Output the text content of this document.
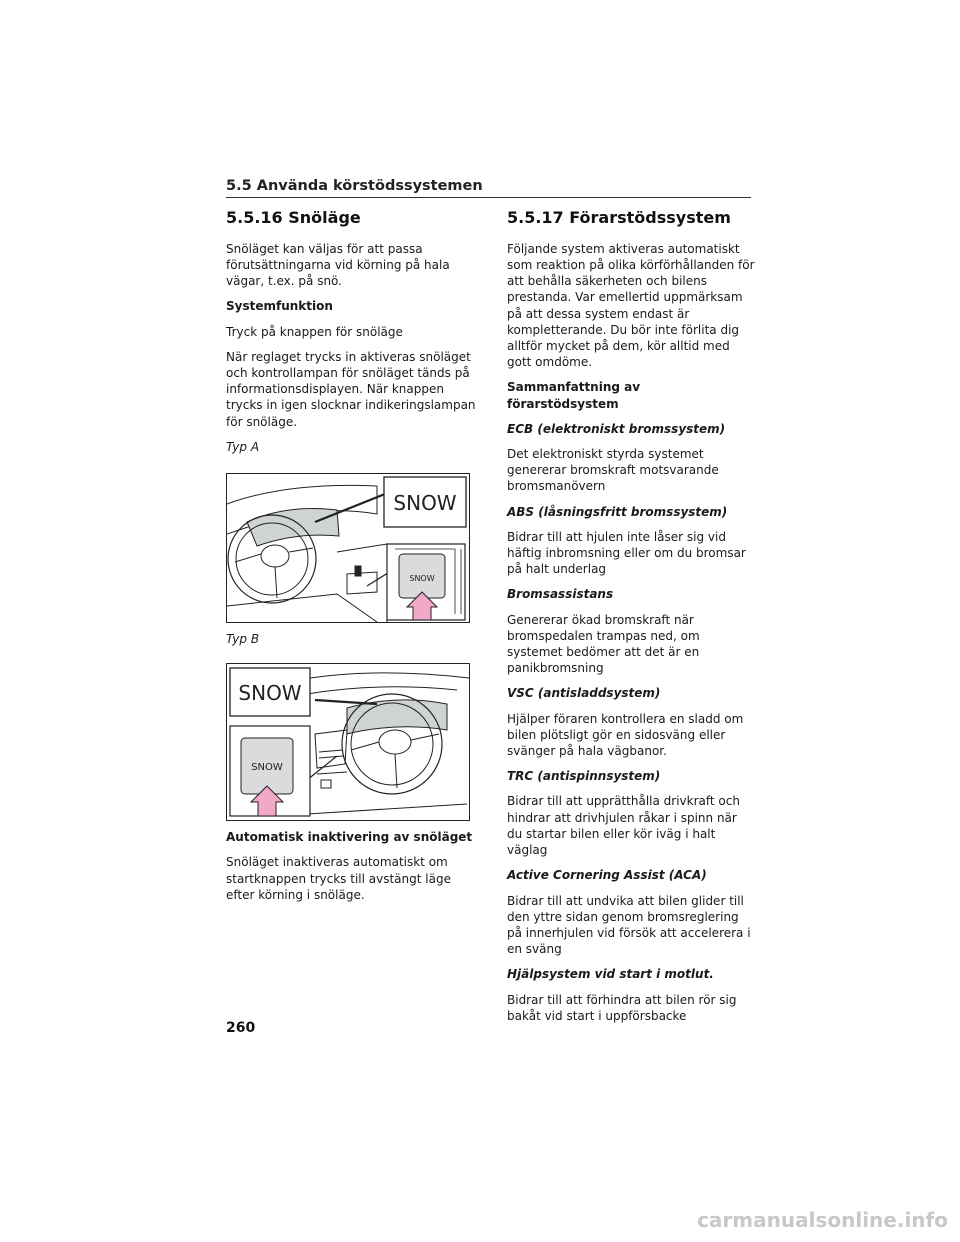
5.5 Använda körstödssystemen
5.5.16 Snöläge

Snöläget kan väljas för att passa förutsättningarna vid körning på hala vägar, t.ex. på snö.

Systemfunktion

Tryck på knappen för snöläge

När reglaget trycks in aktiveras snöläget och kontrollampan för snöläget tänds på informationsdisplayen. När knappen trycks in igen slocknar indikeringslampan för snöläge.

Typ A

SNOW
SNOW

Typ B

SNOW
SNOW

Automatisk inaktivering av snöläget

Snöläget inaktiveras automatiskt om startknappen trycks till avstängt läge efter körning i snöläge.

5.5.17 Förarstödssystem

Följande system aktiveras automatiskt som reaktion på olika körförhållanden för att behålla säkerheten och bilens prestanda. Var emellertid uppmärksam på att dessa system endast är kompletterande. Du bör inte förlita dig alltför mycket på dem, kör alltid med gott omdöme.

Sammanfattning av förarstödsystem

ECB (elektroniskt bromssystem)

Det elektroniskt styrda systemet genererar bromskraft motsvarande bromsmanövern

ABS (låsningsfritt bromssystem)

Bidrar till att hjulen inte låser sig vid häftig inbromsning eller om du bromsar på halt underlag

Bromsassistans

Genererar ökad bromskraft när bromspedalen trampas ned, om systemet bedömer att det är en panikbromsning

VSC (antisladdsystem)

Hjälper föraren kontrollera en sladd om bilen plötsligt gör en sidosväng eller svänger på hala vägbanor.

TRC (antispinnsystem)

Bidrar till att upprätthålla drivkraft och hindrar att drivhjulen råkar i spinn när du startar bilen eller kör iväg i halt väglag

Active Cornering Assist (ACA)

Bidrar till att undvika att bilen glider till den yttre sidan genom bromsreglering på innerhjulen vid försök att accelerera i en sväng

Hjälpsystem vid start i motlut.

Bidrar till att förhindra att bilen rör sig bakåt vid start i uppförsbacke

260
carmanualsonline.info
